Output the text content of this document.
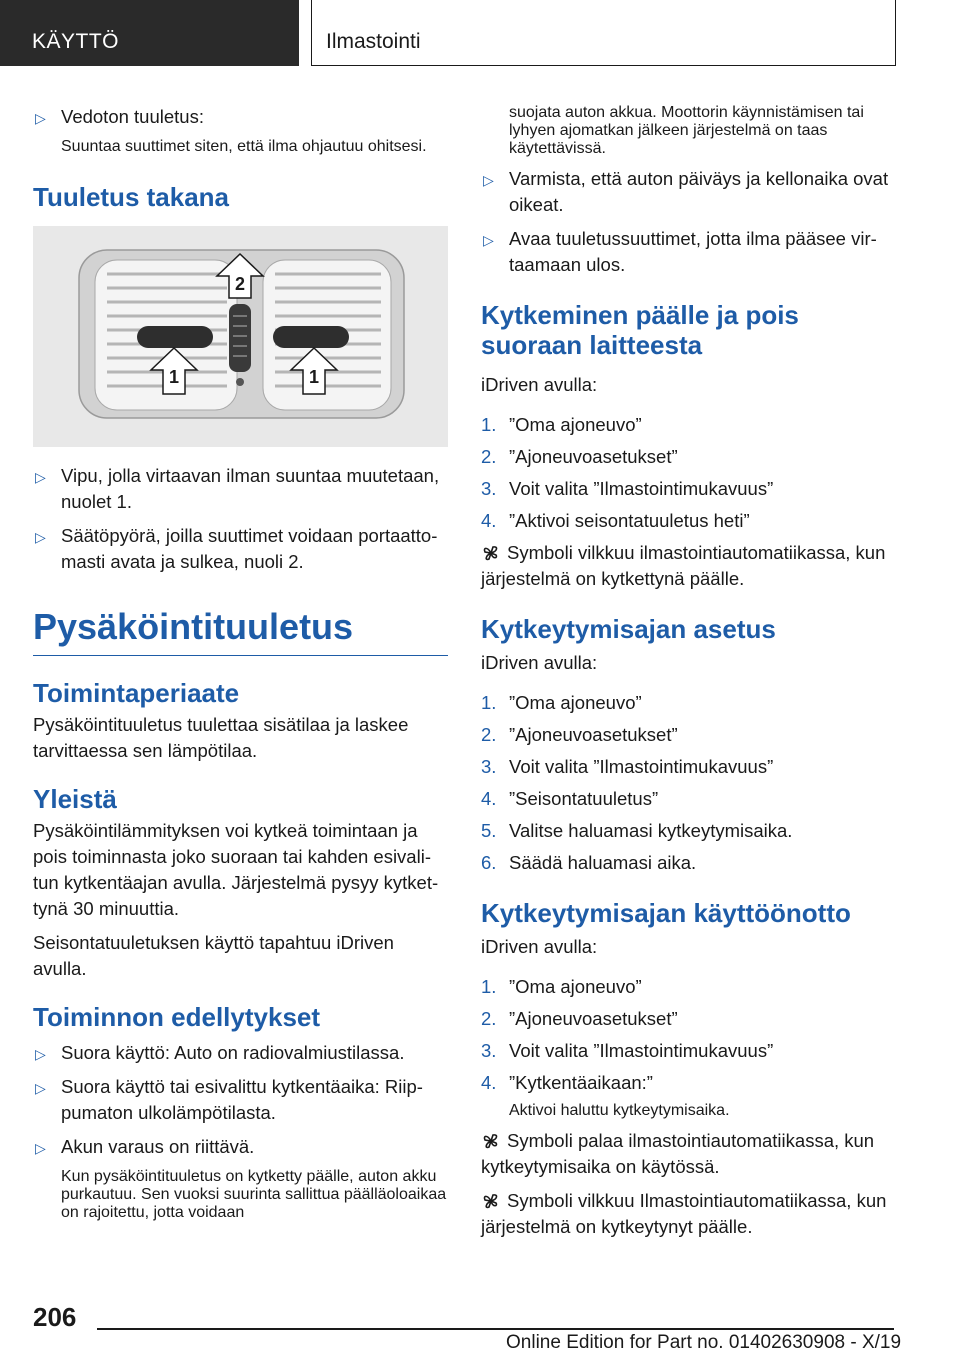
KÄYTTÖ	Ilmastointi
▷ Vedoton tuuletus:
Suuntaa suuttimet siten, että ilma ohjautuu ohitsesi.
Tuuletus takana
2
1	1
▷ Vipu, jolla virtaavan ilman suuntaa muutetaan, nuolet 1.
▷ Säätöpyörä, joilla suuttimet voidaan portaattomasti avata ja sulkea, nuoli 2.
Pysäköintituuletus
Toimintaperiaate

Pysäköintituuletus tuulettaa sisätilaa ja laskee tarvittaessa sen lämpötilaa.

Yleistä

Pysäköintilämmityksen voi kytkeä toimintaan ja pois toiminnasta joko suoraan tai kahden esivalitun kytkentäajan avulla. Järjestelmä pysyy kytkettynä 30 minuuttia.

Seisontatuuletuksen käyttö tapahtuu iDriven avulla.

Toiminnon edellytykset
▷ Suora käyttö: Auto on radiovalmiustilassa.
▷ Suora käyttö tai esivalittu kytkentäaika: Riippumaton ulkolämpötilasta.
▷ Akun varaus on riittävä.
Kun pysäköintituuletus on kytketty päälle, auton akku purkautuu. Sen vuoksi suurinta sallittua päälläoloaikaa on rajoitettu, jotta voidaan
suojata auton akkua. Moottorin käynnistämisen tai lyhyen ajomatkan jälkeen järjestelmä on taas käytettävissä.
▷ Varmista, että auton päiväys ja kellonaika ovat oikeat.
▷ Avaa tuuletussuuttimet, jotta ilma pääsee virtaamaan ulos.
Kytkeminen päälle ja pois suoraan laitteesta

iDriven avulla:

1. ”Oma ajoneuvo”
2. ”Ajoneuvoasetukset”
3. Voit valita ”Ilmastointimukavuus”
4. ”Aktivoi seisontatuuletus heti”

Symboli vilkkuu ilmastointiautomatiikassa, kun järjestelmä on kytkettynä päälle.

Kytkeytymisajan asetus

iDriven avulla:

1. ”Oma ajoneuvo”
2. ”Ajoneuvoasetukset”
3. Voit valita ”Ilmastointimukavuus”
4. ”Seisontatuuletus”
5. Valitse haluamasi kytkeytymisaika.
6. Säädä haluamasi aika.
Kytkeytymisajan käyttöönotto

iDriven avulla:

1. ”Oma ajoneuvo”
2. ”Ajoneuvoasetukset”
3. Voit valita ”Ilmastointimukavuus”
4. ”Kytkentäaikaan:”
Aktivoi haluttu kytkeytymisaika.

Symboli palaa ilmastointiautomatiikassa, kun kytkeytymisaika on käytössä.

Symboli vilkkuu Ilmastointiautomatiikassa, kun järjestelmä on kytkeytynyt päälle.

206
Online Edition for Part no. 01402630908 - X/19
